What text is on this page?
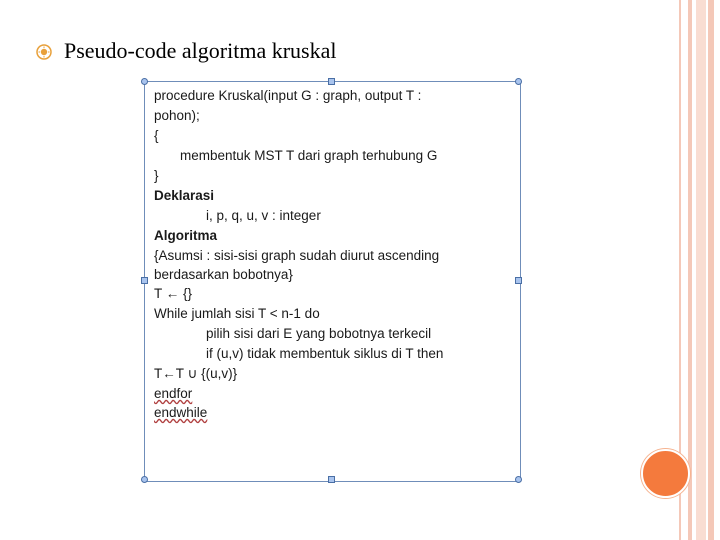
Pseudo-code algoritma kruskal
procedure Kruskal(input G : graph, output T :
pohon);
{
membentuk MST T dari graph terhubung G
}
Deklarasi
i, p, q, u, v : integer
Algoritma
{Asumsi : sisi-sisi graph sudah diurut ascending
berdasarkan bobotnya}
T ← {}
While jumlah sisi T < n-1 do
pilih sisi dari E yang bobotnya terkecil
if (u,v) tidak membentuk siklus di T then
T←T ∪ {(u,v)}
endfor
endwhile
